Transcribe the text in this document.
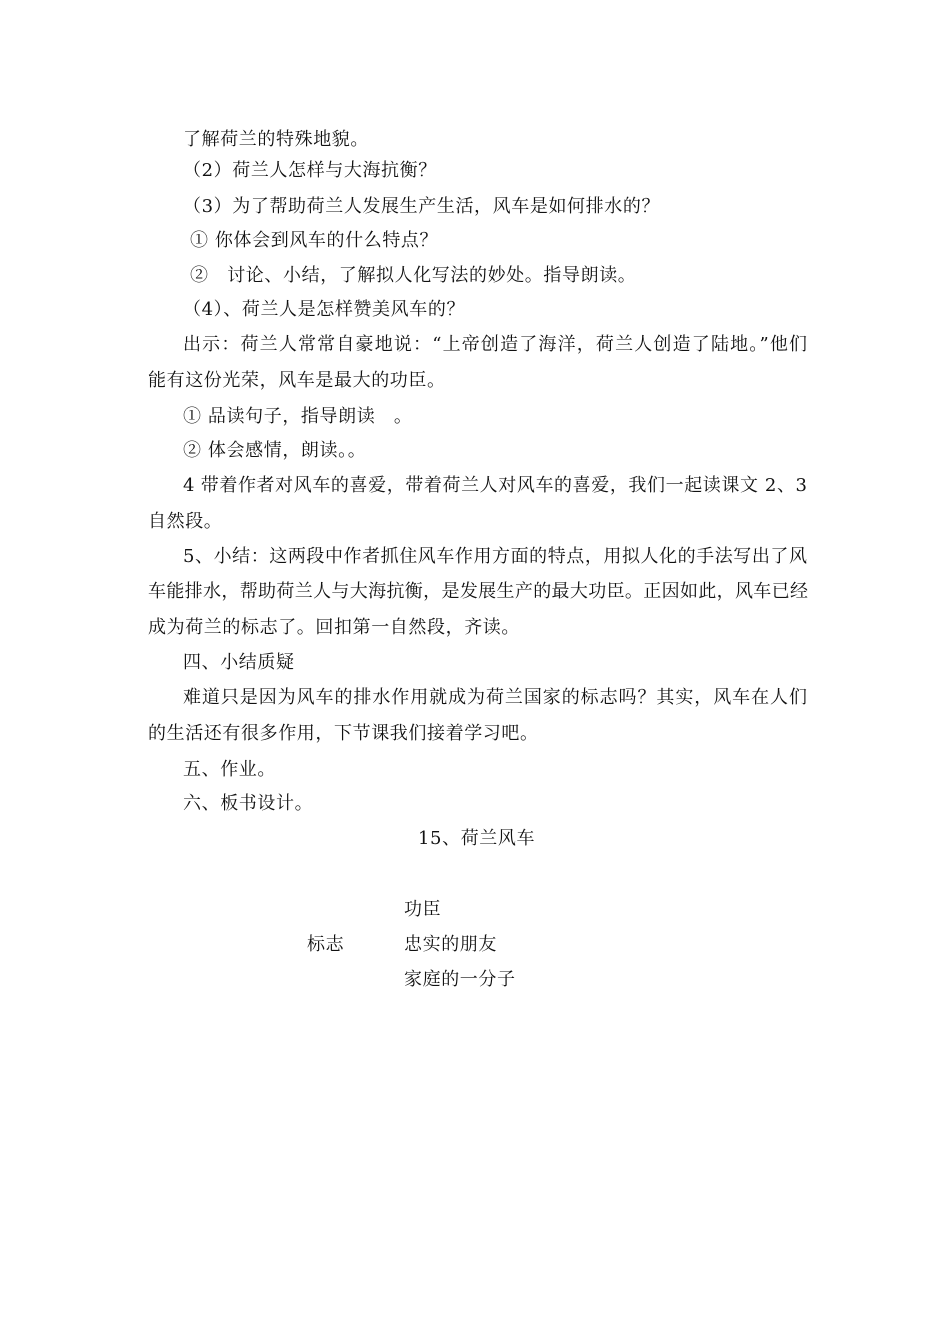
了解荷兰的特殊地貌。
（2）荷兰人怎样与大海抗衡？
（3）为了帮助荷兰人发展生产生活，风车是如何排水的？
① 你体会到风车的什么特点？
②　讨论、小结，了解拟人化写法的妙处。指导朗读。
（4）、荷兰人是怎样赞美风车的？
出示：荷兰人常常自豪地说：“上帝创造了海洋，荷兰人创造了陆地。”他们
能有这份光荣，风车是最大的功臣。
① 品读句子，指导朗读　。
② 体会感情，朗读。。
4 带着作者对风车的喜爱，带着荷兰人对风车的喜爱，我们一起读课文 2、3
自然段。
5、小结：这两段中作者抓住风车作用方面的特点，用拟人化的手法写出了风
车能排水，帮助荷兰人与大海抗衡，是发展生产的最大功臣。正因如此，风车已经
成为荷兰的标志了。回扣第一自然段，齐读。
四、小结质疑
难道只是因为风车的排水作用就成为荷兰国家的标志吗？其实，风车在人们
的生活还有很多作用，下节课我们接着学习吧。
五、作业。
六、板书设计。
15、荷兰风车
功臣
标志	忠实的朋友
家庭的一分子
